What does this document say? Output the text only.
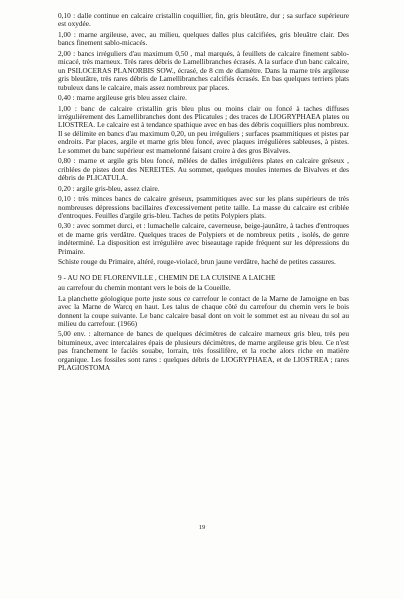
0,10 : dalle continue en calcaire cristallin coquillier, fin, gris bleutâtre, dur ; sa surface supérieure est oxydée.

1,00 : marne argileuse, avec, au milieu, quelques dalles plus calcifiées, gris bleuâtre clair. Des bancs finement sablo-micacés.

2,00 : bancs irréguliers d'au maximum 0,50 , mal marqués, à feuillets de calcaire finement sablo-micacé, très marneux. Très rares débris de Lamellibranches écrasés. A la surface d'un banc calcaire, un PSILOCERAS PLANORBIS SOW., écrasé, de 8 cm de diamètre. Dans la marne très argileuse gris bleutâtre, très rares débris de Lamellibranches calcifiés écrasés. En bas quelques terriers plats tubuleux dans le calcaire, mais assez nombreux par places.

0,40 : marne argileuse gris bleu assez claire.

1,00 : banc de calcaire cristallin gris bleu plus ou moins clair ou foncé à taches diffuses irrégulièrement des Lamellibranches dont des Plicatules ; des traces de LIOGRYPHAEA plates ou LIOSTREA. Le calcaire est à tendance spathique avec en bas des débris coquilliers plus nombreux. Il se délimite en bancs d'au maximum 0,20, un peu irréguliers ; surfaces psammitiques et pistes par endroits. Par places, argile et marne gris bleu foncé, avec plaques irrégulières sableuses, à pistes. Le sommet du banc supérieur est mamelonné faisant croire à des gros Bivalves.

0,80 : marne et argile gris bleu foncé, mêlées de dalles irrégulières plates en calcaire gréseux , criblées de pistes dont des NEREITES. Au sommet, quelques moules internes de Bivalves et des débris de PLICATULA.

0,20 : argile gris-bleu, assez claire.

0,10 : très minces bancs de calcaire gréseux, psammitiques avec sur les plans supérieurs de très nombreuses dépressions bacillaires d'excessivement petite taille. La masse du calcaire est criblée d'entroques. Feuilles d'argile gris-bleu. Taches de petits Polypiers plats.

0,30 : avec sommet durci, et : lumachelle calcaire, caverneuse, beige-jaunâtre, à taches d'entroques et de marne gris verdâtre. Quelques traces de Polypiers et de nombreux petits , isolés, de genre indéterminé. La disposition est irrégulière avec biseautage rapide fréquent sur les dépressions du Primaire.

Schiste rouge du Primaire, altéré, rouge-violacé, brun jaune verdâtre, haché de petites cassures.

9 - AU NO DE FLORENVILLE , CHEMIN DE LA CUISINE A LAICHE

au carrefour du chemin montant vers le bois de la Coueille.

La planchette géologique porte juste sous ce carrefour le contact de la Marne de Jamoigne en bas avec la Marne de Warcq en haut. Les talus de chaque côté du carrefour du chemin vers le bois donnent la coupe suivante. Le banc calcaire basal dont on voit le sommet est au niveau du sol au milieu du carrefour. (1966)

5,00 env. : alternance de bancs de quelques décimètres de calcaire marneux gris bleu, très peu bitumineux, avec intercalaires épais de plusieurs décimètres, de marne argileuse gris bleu. Ce n'est pas franchement le faciès souabe, lorrain, très fossilifère, et la roche alors riche en matière organique. Les fossiles sont rares : quelques débris de LIOGRYPHAEA, et de LIOSTREA ; rares PLAGIOSTOMA

19
